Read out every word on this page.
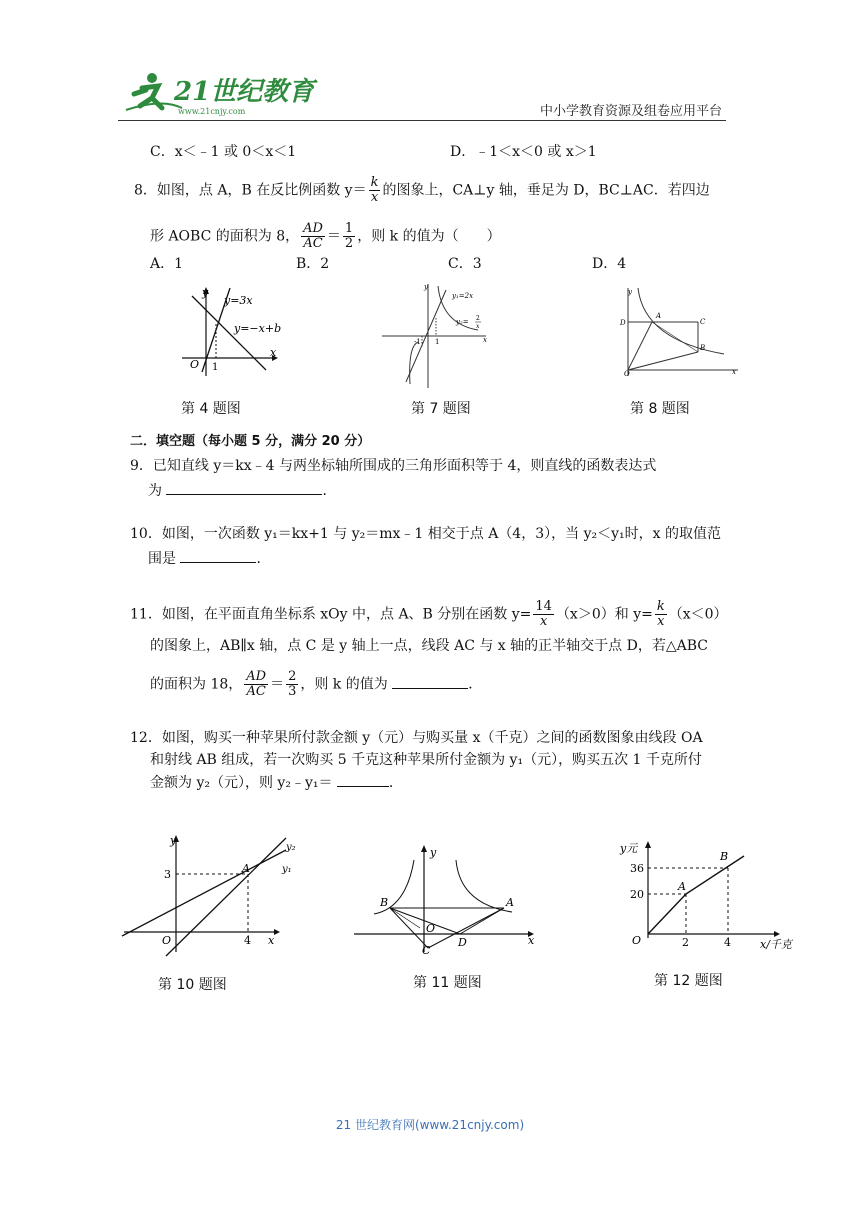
21世纪教育
www.21cnjy.com	中小学教育资源及组卷应用平台
C．x＜﹣1 或 0＜x＜1	D．﹣1＜x＜0 或 x＞1
8．如图，点 A，B 在反比例函数 $y= \frac{k}{x}$ 的图象上，CA⊥y 轴，垂足为 D，BC⊥AC．若四边
形 AOBC 的面积为 8， $\frac{AD}{AC} = \frac{1}{2}$ ，则 k 的值为（　　）
A．1	B．2	C．3	D．4
y
x
O 1
y=3x
y=−x+b
第 4 题图
y
x
y₁=2x
y₂= 2
x
-1 1
第 7 题图
y
x
O
A
B
C
D
第 8 题图
二．填空题（每小题 5 分，满分 20 分）
9．已知直线 y＝kx﹣4 与两坐标轴所围成的三角形面积等于 4，则直线的函数表达式
为	．
10．如图，一次函数 y₁＝kx+1 与 y₂＝mx﹣1 相交于点 A（4，3），当 y₂＜y₁时，x 的取值范
围是	．
11．如图，在平面直角坐标系 xOy 中，点 A、B 分别在函数 $y= \frac{14}{x} (x>0)$和 $y= \frac{k}{x} (x<0)$
的图象上，AB∥x 轴，点 C 是 y 轴上一点，线段 AC 与 x 轴的正半轴交于点 D，若△ABC
的面积为 18， $\frac{AD}{AC} = \frac{2}{3}$ ，则 k 的值为	．
12．如图，购买一种苹果所付款金额 y（元）与购买量 x（千克）之间的函数图象由线段 OA
和射线 AB 组成，若一次购买 5 千克这种苹果所付金额为 y₁（元），购买五次 1 千克所付
金额为 y₂（元），则 y₂﹣y₁＝	．
y
x
O
A
3
4
y₁
y₂
第 10 题图
y
x
O
A
B
C
D
第 11 题图
y元
x/千克
O
A
B
36
20
2	4
第 12 题图
21 世纪教育网(www.21cnjy.com)
